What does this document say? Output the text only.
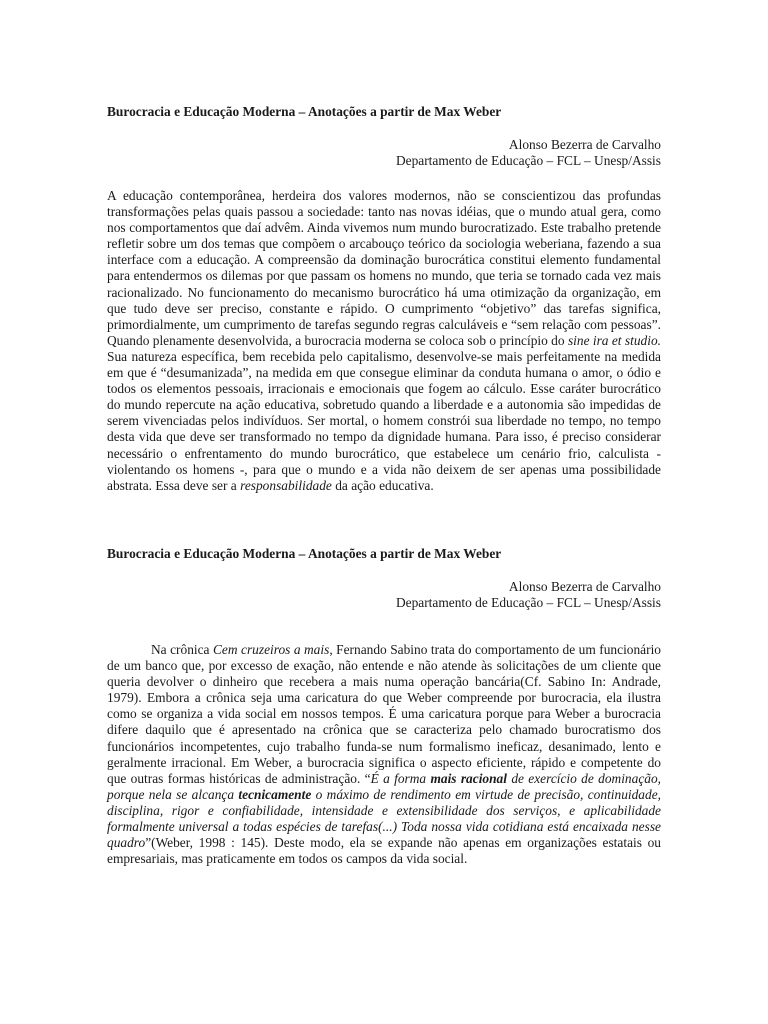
Burocracia e Educação Moderna – Anotações a partir de Max Weber
Alonso Bezerra de Carvalho
Departamento de Educação – FCL – Unesp/Assis

A educação contemporânea, herdeira dos valores modernos, não se conscientizou das profundas transformações pelas quais passou a sociedade: tanto nas novas idéias, que o mundo atual gera, como nos comportamentos que daí advêm. Ainda vivemos num mundo burocratizado. Este trabalho pretende refletir sobre um dos temas que compõem o arcabouço teórico da sociologia weberiana, fazendo a sua interface com a educação. A compreensão da dominação burocrática constitui elemento fundamental para entendermos os dilemas por que passam os homens no mundo, que teria se tornado cada vez mais racionalizado. No funcionamento do mecanismo burocrático há uma otimização da organização, em que tudo deve ser preciso, constante e rápido. O cumprimento “objetivo” das tarefas significa, primordialmente, um cumprimento de tarefas segundo regras calculáveis e “sem relação com pessoas”. Quando plenamente desenvolvida, a burocracia moderna se coloca sob o princípio do sine ira et studio. Sua natureza específica, bem recebida pelo capitalismo, desenvolve-se mais perfeitamente na medida em que é “desumanizada”, na medida em que consegue eliminar da conduta humana o amor, o ódio e todos os elementos pessoais, irracionais e emocionais que fogem ao cálculo. Esse caráter burocrático do mundo repercute na ação educativa, sobretudo quando a liberdade e a autonomia são impedidas de serem vivenciadas pelos indivíduos. Ser mortal, o homem constrói sua liberdade no tempo, no tempo desta vida que deve ser transformado no tempo da dignidade humana. Para isso, é preciso considerar necessário o enfrentamento do mundo burocrático, que estabelece um cenário frio, calculista - violentando os homens -, para que o mundo e a vida não deixem de ser apenas uma possibilidade abstrata. Essa deve ser a responsabilidade da ação educativa.

Burocracia e Educação Moderna – Anotações a partir de Max Weber
Alonso Bezerra de Carvalho
Departamento de Educação – FCL – Unesp/Assis

Na crônica Cem cruzeiros a mais, Fernando Sabino trata do comportamento de um funcionário de um banco que, por excesso de exação, não entende e não atende às solicitações de um cliente que queria devolver o dinheiro que recebera a mais numa operação bancária(Cf. Sabino In: Andrade, 1979). Embora a crônica seja uma caricatura do que Weber compreende por burocracia, ela ilustra como se organiza a vida social em nossos tempos. É uma caricatura porque para Weber a burocracia difere daquilo que é apresentado na crônica que se caracteriza pelo chamado burocratismo dos funcionários incompetentes, cujo trabalho funda-se num formalismo ineficaz, desanimado, lento e geralmente irracional. Em Weber, a burocracia significa o aspecto eficiente, rápido e competente do que outras formas históricas de administração. “É a forma mais racional de exercício de dominação, porque nela se alcança tecnicamente o máximo de rendimento em virtude de precisão, continuidade, disciplina, rigor e confiabilidade, intensidade e extensibilidade dos serviços, e aplicabilidade formalmente universal a todas espécies de tarefas(...) Toda nossa vida cotidiana está encaixada nesse quadro”(Weber, 1998 : 145). Deste modo, ela se expande não apenas em organizações estatais ou empresariais, mas praticamente em todos os campos da vida social.
